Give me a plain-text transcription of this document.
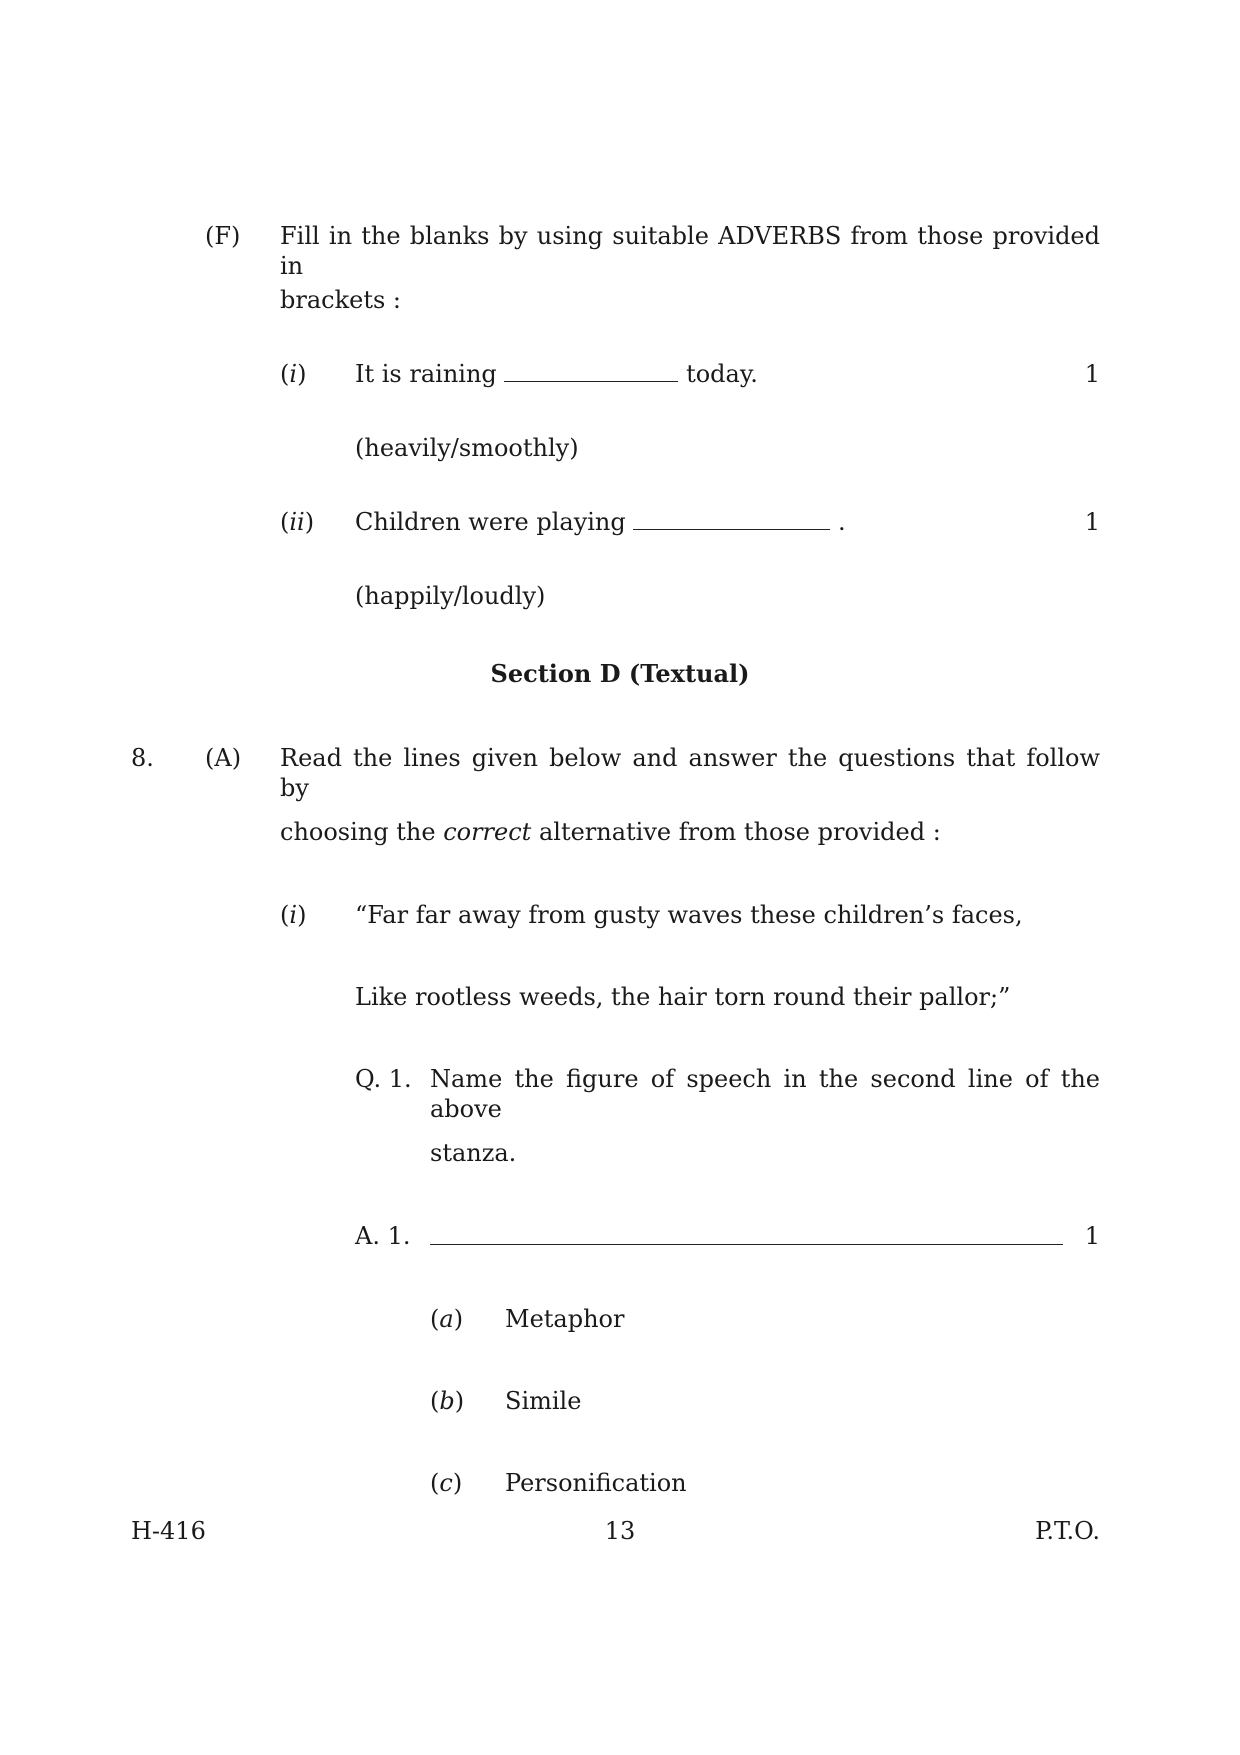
(F) Fill in the blanks by using suitable ADVERBS from those provided in
brackets :
(i) It is raining	today.	1
(heavily/smoothly)
(ii) Children were playing	.	1
(happily/loudly)
Section D (Textual)
8. (A) Read the lines given below and answer the questions that follow by
choosing the correct alternative from those provided :
(i) “Far far away from gusty waves these children’s faces,
Like rootless weeds, the hair torn round their pallor;”
Q. 1. Name the figure of speech in the second line of the above
stanza.
A. 1.	1
(a) Metaphor
(b) Simile
(c) Personification
H-416	13	P.T.O.
